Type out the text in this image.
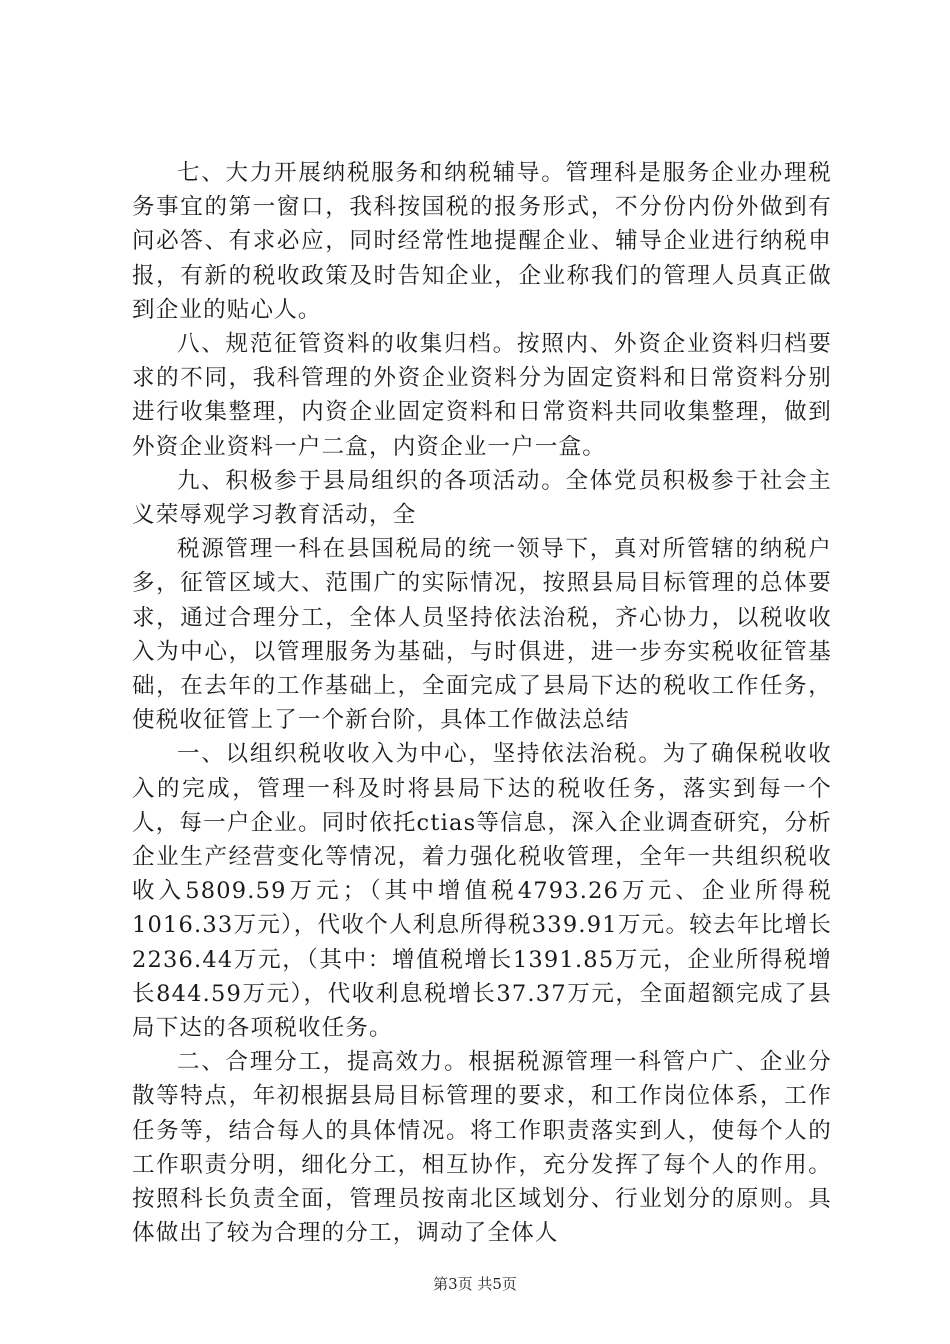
七、大力开展纳税服务和纳税辅导。管理科是服务企业办理税务事宜的第一窗口，我科按国税的报务形式，不分份内份外做到有问必答、有求必应，同时经常性地提醒企业、辅导企业进行纳税申报，有新的税收政策及时告知企业，企业称我们的管理人员真正做到企业的贴心人。

八、规范征管资料的收集归档。按照内、外资企业资料归档要求的不同，我科管理的外资企业资料分为固定资料和日常资料分别进行收集整理，内资企业固定资料和日常资料共同收集整理，做到外资企业资料一户二盒，内资企业一户一盒。

九、积极参于县局组织的各项活动。全体党员积极参于社会主义荣辱观学习教育活动，全

税源管理一科在县国税局的统一领导下，真对所管辖的纳税户多，征管区域大、范围广的实际情况，按照县局目标管理的总体要求，通过合理分工，全体人员坚持依法治税，齐心协力，以税收收入为中心，以管理服务为基础，与时俱进，进一步夯实税收征管基础，在去年的工作基础上，全面完成了县局下达的税收工作任务，使税收征管上了一个新台阶，具体工作做法总结

一、以组织税收收入为中心，坚持依法治税。为了确保税收收入的完成，管理一科及时将县局下达的税收任务，落实到每一个人，每一户企业。同时依托ctias等信息，深入企业调查研究，分析企业生产经营变化等情况，着力强化税收管理，全年一共组织税收收入5809.59万元；（其中增值税4793.26万元、企业所得税1016.33万元），代收个人利息所得税339.91万元。较去年比增长2236.44万元，（其中：增值税增长1391.85万元，企业所得税增长844.59万元），代收利息税增长37.37万元，全面超额完成了县局下达的各项税收任务。

二、合理分工，提高效力。根据税源管理一科管户广、企业分散等特点，年初根据县局目标管理的要求，和工作岗位体系，工作任务等，结合每人的具体情况。将工作职责落实到人，使每个人的工作职责分明，细化分工，相互协作，充分发挥了每个人的作用。按照科长负责全面，管理员按南北区域划分、行业划分的原则。具体做出了较为合理的分工，调动了全体人

第3页 共5页
